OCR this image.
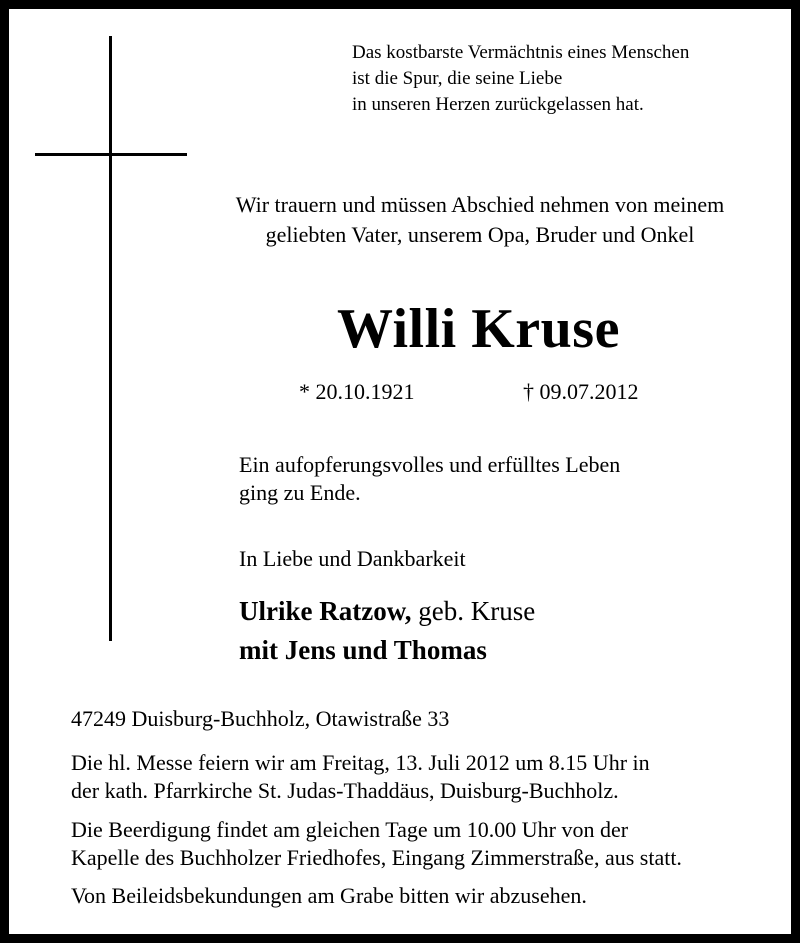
Das kostbarste Vermächtnis eines Menschen
ist die Spur, die seine Liebe
in unseren Herzen zurückgelassen hat.
Wir trauern und müssen Abschied nehmen von meinem
geliebten Vater, unserem Opa, Bruder und Onkel
Willi Kruse
* 20.10.1921	† 09.07.2012
Ein aufopferungsvolles und erfülltes Leben
ging zu Ende.
In Liebe und Dankbarkeit
Ulrike Ratzow, geb. Kruse
mit Jens und Thomas
47249 Duisburg-Buchholz, Otawistraße 33
Die hl. Messe feiern wir am Freitag, 13. Juli 2012 um 8.15 Uhr in
der kath. Pfarrkirche St. Judas-Thaddäus, Duisburg-Buchholz.
Die Beerdigung findet am gleichen Tage um 10.00 Uhr von der
Kapelle des Buchholzer Friedhofes, Eingang Zimmerstraße, aus statt.
Von Beileidsbekundungen am Grabe bitten wir abzusehen.
